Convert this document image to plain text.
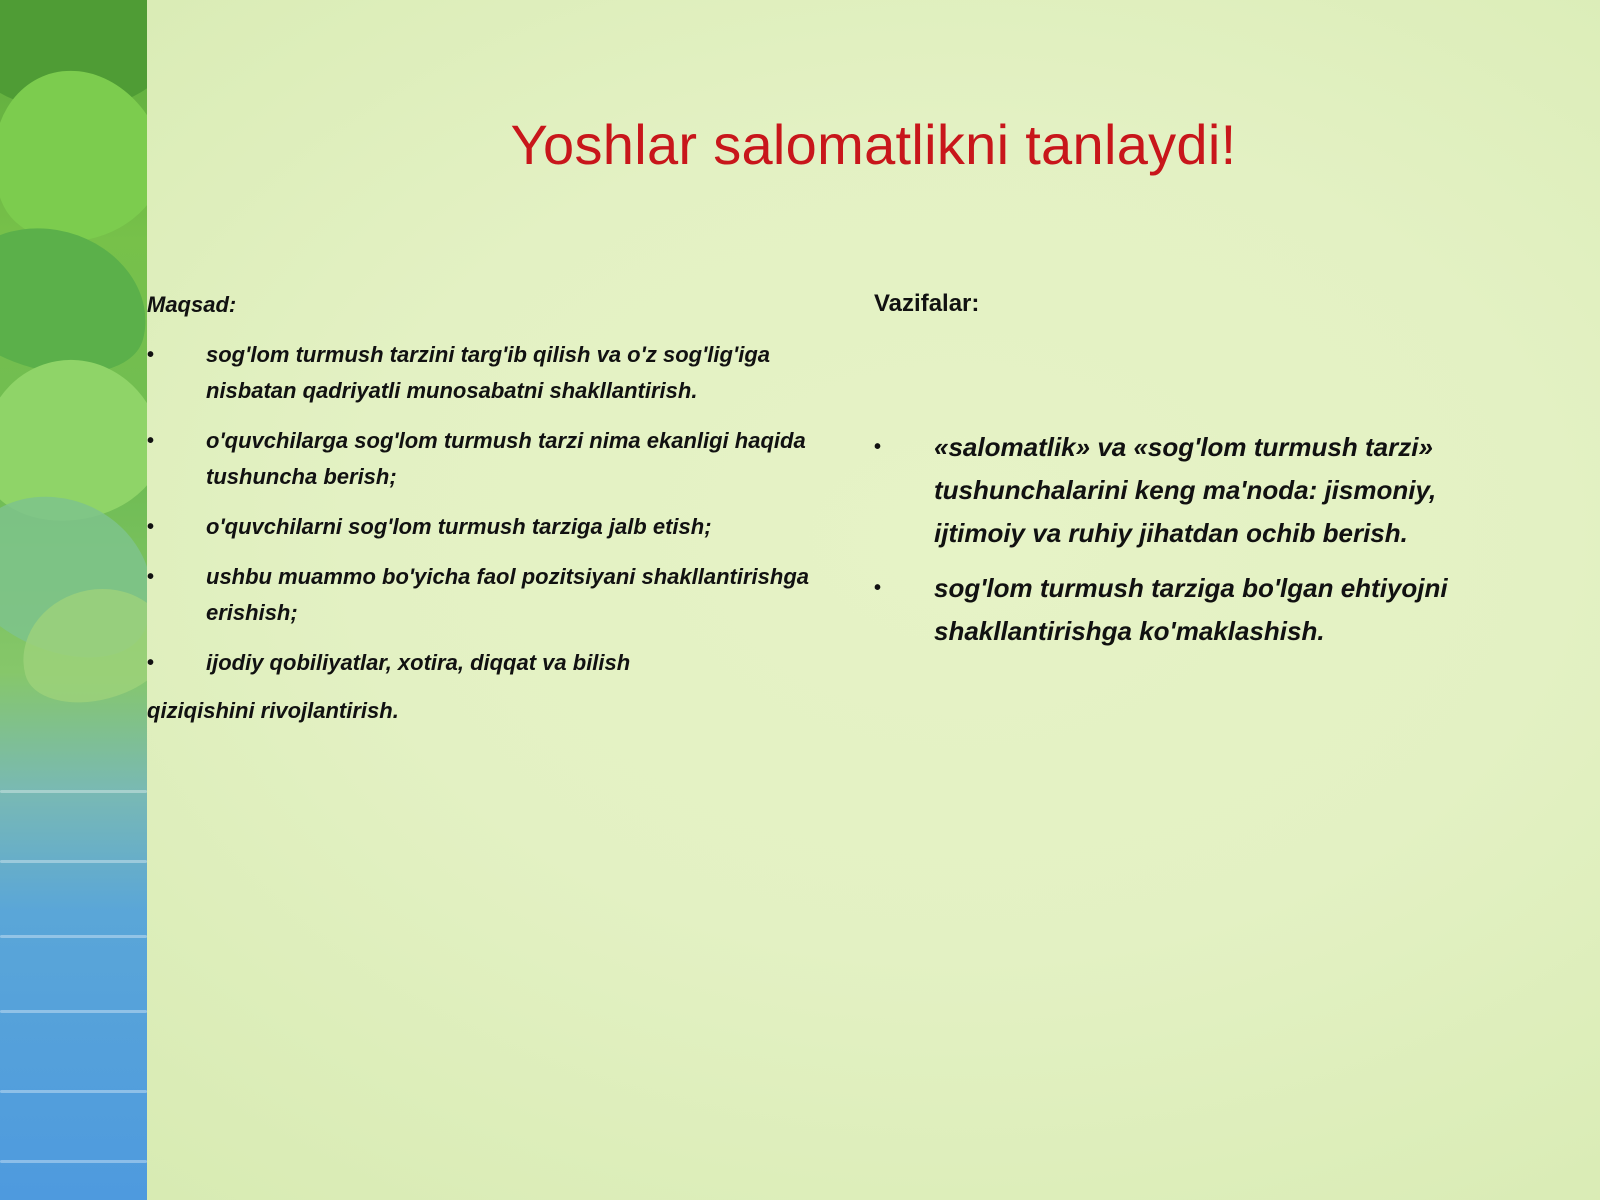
Yoshlar salomatlikni tanlaydi!
Maqsad:
• sog'lom turmush tarzini targ'ib qilish va o'z sog'lig'iga nisbatan qadriyatli munosabatni shakllantirish.
• o'quvchilarga sog'lom turmush tarzi nima ekanligi haqida tushuncha berish;
• o'quvchilarni sog'lom turmush tarziga jalb etish;
• ushbu muammo bo'yicha faol pozitsiyani shakllantirishga erishish;
• ijodiy qobiliyatlar, xotira, diqqat va bilish
qiziqishini rivojlantirish.
Vazifalar:
• «salomatlik» va «sog'lom turmush tarzi» tushunchalarini keng ma'noda: jismoniy, ijtimoiy va ruhiy jihatdan ochib berish.
• sog'lom turmush tarziga bo'lgan ehtiyojni shakllantirishga ko'maklashish.
